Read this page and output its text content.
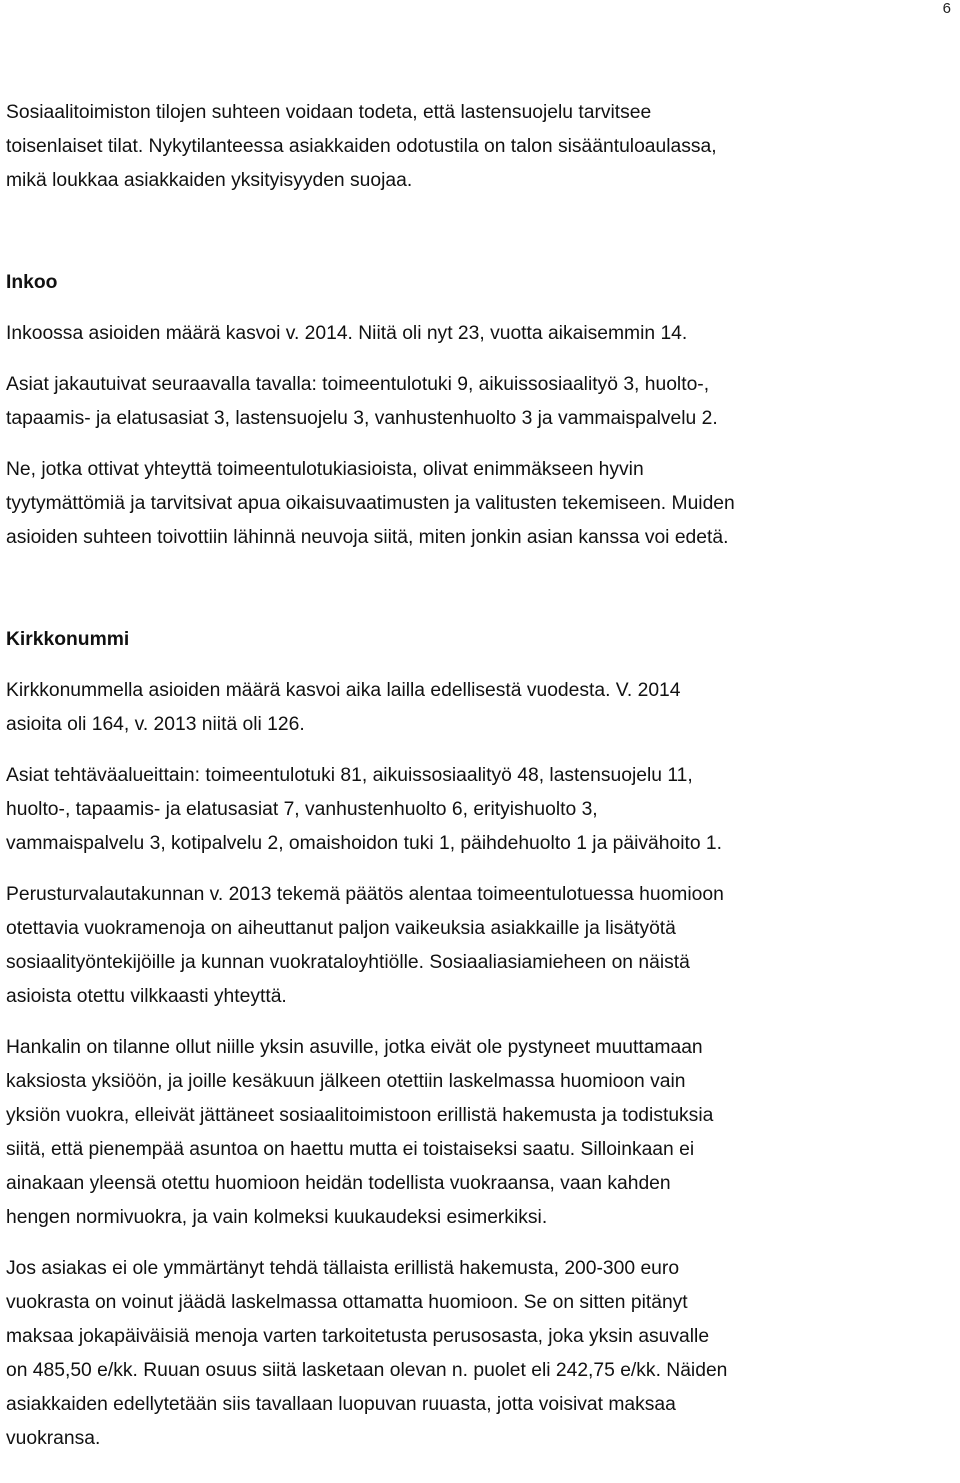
6

Sosiaalitoimiston tilojen suhteen voidaan todeta, että lastensuojelu tarvitsee
toisenlaiset tilat. Nykytilanteessa asiakkaiden odotustila on talon sisääntuloaulassa,
mikä loukkaa asiakkaiden yksityisyyden suojaa.

Inkoo

Inkoossa asioiden määrä kasvoi v. 2014. Niitä oli nyt 23, vuotta aikaisemmin 14.

Asiat jakautuivat seuraavalla tavalla: toimeentulotuki 9, aikuissosiaalityö 3, huolto-,
tapaamis- ja elatusasiat 3, lastensuojelu 3, vanhustenhuolto 3 ja vammaispalvelu 2.

Ne, jotka ottivat yhteyttä toimeentulotukiasioista, olivat enimmäkseen hyvin
tyytymättömiä ja tarvitsivat apua oikaisuvaatimusten ja valitusten tekemiseen. Muiden
asioiden suhteen toivottiin lähinnä neuvoja siitä, miten jonkin asian kanssa voi edetä.

Kirkkonummi

Kirkkonummella asioiden määrä kasvoi aika lailla edellisestä vuodesta. V. 2014
asioita oli 164, v. 2013 niitä oli 126.

Asiat tehtäväalueittain: toimeentulotuki 81, aikuissosiaalityö 48, lastensuojelu 11,
huolto-, tapaamis- ja elatusasiat 7, vanhustenhuolto 6, erityishuolto 3,
vammaispalvelu 3, kotipalvelu 2, omaishoidon tuki 1, päihdehuolto 1 ja päivähoito 1.

Perusturvalautakunnan v. 2013 tekemä päätös alentaa toimeentulotuessa huomioon
otettavia vuokramenoja on aiheuttanut paljon vaikeuksia asiakkaille ja lisätyötä
sosiaalityöntekijöille ja kunnan vuokrataloyhtiölle. Sosiaaliasiamieheen on näistä
asioista otettu vilkkaasti yhteyttä.

Hankalin on tilanne ollut niille yksin asuville, jotka eivät ole pystyneet muuttamaan
kaksiosta yksiöön, ja joille kesäkuun jälkeen otettiin laskelmassa huomioon vain
yksiön vuokra, elleivät jättäneet sosiaalitoimistoon erillistä hakemusta ja todistuksia
siitä, että pienempää asuntoa on haettu mutta ei toistaiseksi saatu. Silloinkaan ei
ainakaan yleensä otettu huomioon heidän todellista vuokraansa, vaan kahden
hengen normivuokra, ja vain kolmeksi kuukaudeksi esimerkiksi.

Jos asiakas ei ole ymmärtänyt tehdä tällaista erillistä hakemusta, 200-300 euro
vuokrasta on voinut jäädä laskelmassa ottamatta huomioon. Se on sitten pitänyt
maksaa jokapäiväisiä menoja varten tarkoitetusta perusosasta, joka yksin asuvalle
on 485,50 e/kk. Ruuan osuus siitä lasketaan olevan n. puolet eli 242,75 e/kk. Näiden
asiakkaiden edellytetään siis tavallaan luopuvan ruuasta, jotta voisivat maksaa
vuokransa.
